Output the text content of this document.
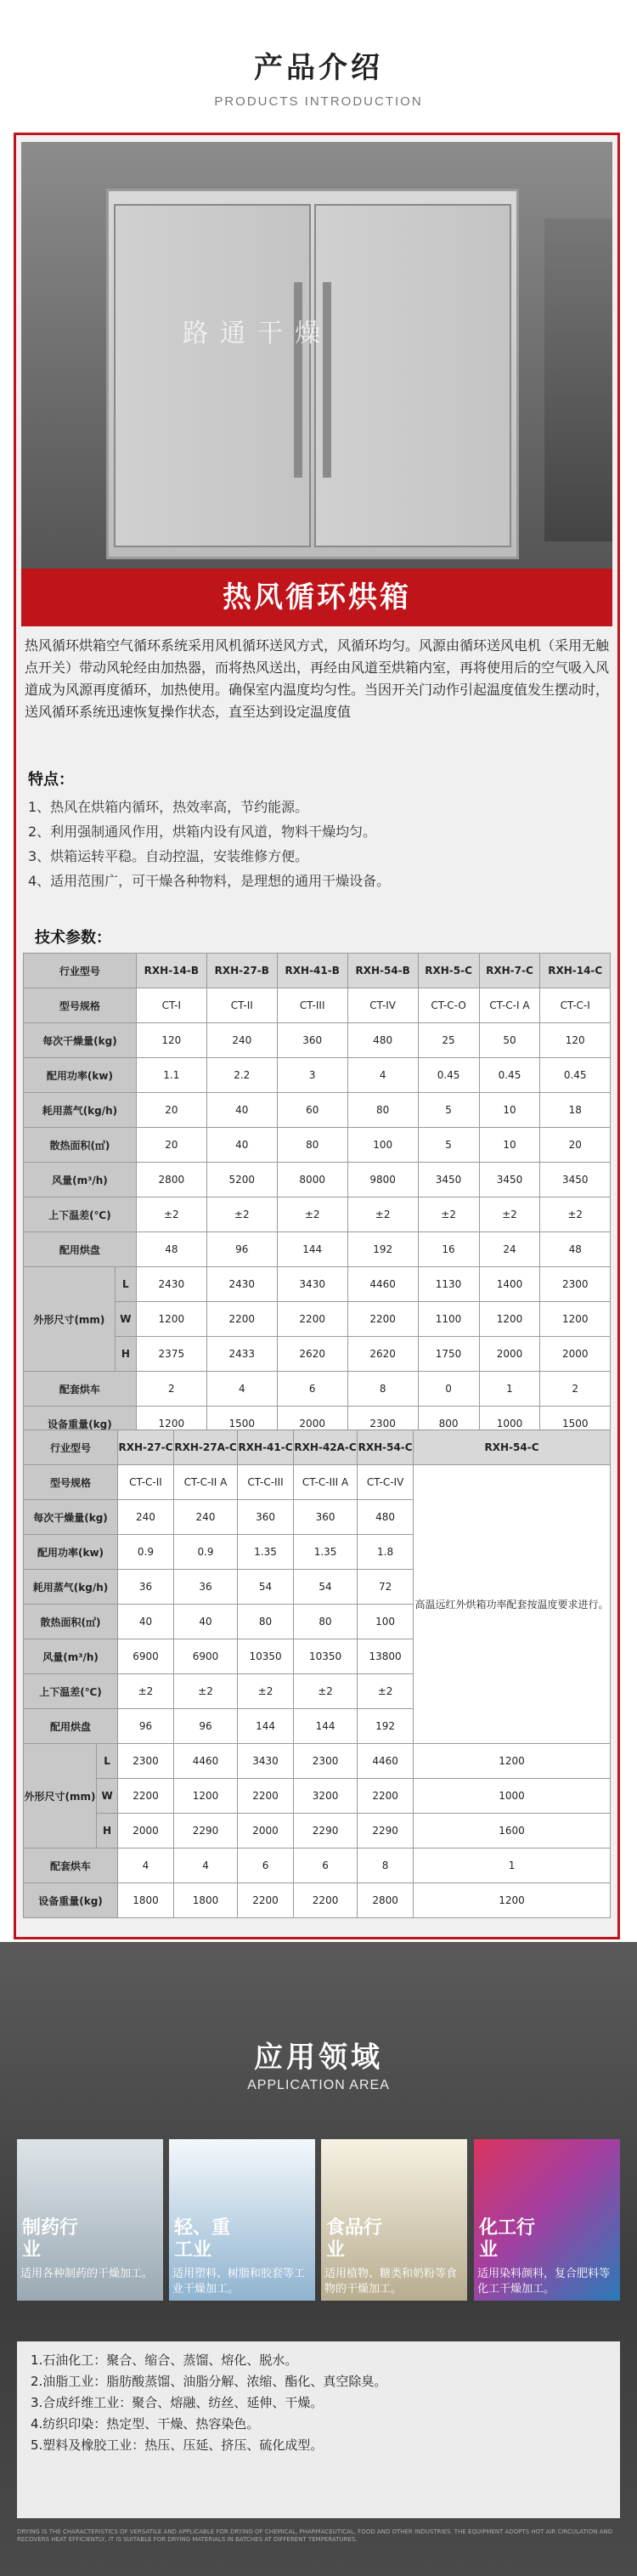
产品介绍
PRODUCTS INTRODUCTION
路通干燥
热风循环烘箱
热风循环烘箱空气循环系统采用风机循环送风方式，风循环均匀。风源由循环送风电机（采用无触点开关）带动风轮经由加热器，而将热风送出，再经由风道至烘箱内室，再将使用后的空气吸入风道成为风源再度循环，加热使用。确保室内温度均匀性。当因开关门动作引起温度值发生摆动时，送风循环系统迅速恢复操作状态，直至达到设定温度值
特点：
1、热风在烘箱内循环，热效率高，节约能源。
2、利用强制通风作用，烘箱内设有风道，物料干燥均匀。
3、烘箱运转平稳。自动控温，安装维修方便。
4、适用范围广，可干燥各种物料，是理想的通用干燥设备。
技术参数：
行业型号		RXH-14-B	RXH-27-B	RXH-41-B	RXH-54-B	RXH-5-C	RXH-7-C	RXH-14-C
型号规格		CT-I	CT-II	CT-III	CT-IV	CT-C-O	CT-C-I A	CT-C-I
每次干燥量(kg)		120	240	360	480	25	50	120
配用功率(kw)		1.1	2.2	3	4	0.45	0.45	0.45
耗用蒸气(kg/h)		20	40	60	80	5	10	18
散热面积(㎡)		20	40	80	100	5	10	20
风量(m³/h)		2800	5200	8000	9800	3450	3450	3450
上下温差(℃)		±2	±2	±2	±2	±2	±2	±2
配用烘盘		48	96	144	192	16	24	48
外形尺寸(mm)	L	2430	2430	3430	4460	1130	1400	2300
	W	1200	2200	2200	2200	1100	1200	1200
	H	2375	2433	2620	2620	1750	2000	2000
配套烘车		2	4	6	8	0	1	2
设备重量(kg)		1200	1500	2000	2300	800	1000	1500
行业型号		RXH-27-C	RXH-27A-C	RXH-41-C	RXH-42A-C	RXH-54-C	RXH-54-C
型号规格		CT-C-II	CT-C-II A	CT-C-III	CT-C-III A	CT-C-IV	高温远红外烘箱功率配套按温度要求进行。
每次干燥量(kg)		240	240	360	360	480	
配用功率(kw)		0.9	0.9	1.35	1.35	1.8	
耗用蒸气(kg/h)		36	36	54	54	72	
散热面积(㎡)		40	40	80	80	100	
风量(m³/h)		6900	6900	10350	10350	13800	
上下温差(℃)		±2	±2	±2	±2	±2	
配用烘盘		96	96	144	144	192	
外形尺寸(mm)	L	2300	4460	3430	2300	4460	1200
	W	2200	1200	2200	3200	2200	1000
	H	2000	2290	2000	2290	2290	1600
配套烘车		4	4	6	6	8	1
设备重量(kg)		1800	1800	2200	2200	2800	1200
应用领域
APPLICATION AREA
制药行业
适用各种制药的干燥加工。
轻、重工业
适用塑料、树脂和胶套等工业干燥加工。
食品行业
适用植物、糖类和奶粉等食物的干燥加工。
化工行业
适用染料颜料，复合肥料等化工干燥加工。
1.石油化工：聚合、缩合、蒸馏、熔化、脱水。
2.油脂工业：脂肪酸蒸馏、油脂分解、浓缩、酯化、真空除臭。
3.合成纤维工业：聚合、熔融、纺丝、延伸、干燥。
4.纺织印染：热定型、干燥、热容染色。
5.塑料及橡胶工业：热压、压延、挤压、硫化成型。
DRYING IS THE CHARACTERISTICS OF VERSATILE AND APPLICABLE FOR DRYING OF CHEMICAL, PHARMACEUTICAL, FOOD AND OTHER INDUSTRIES. THE EQUIPMENT ADOPTS HOT AIR CIRCULATION AND RECOVERS HEAT EFFICIENTLY, IT IS SUITABLE FOR DRYING MATERIALS IN BATCHES AT DIFFERENT TEMPERATURES.
